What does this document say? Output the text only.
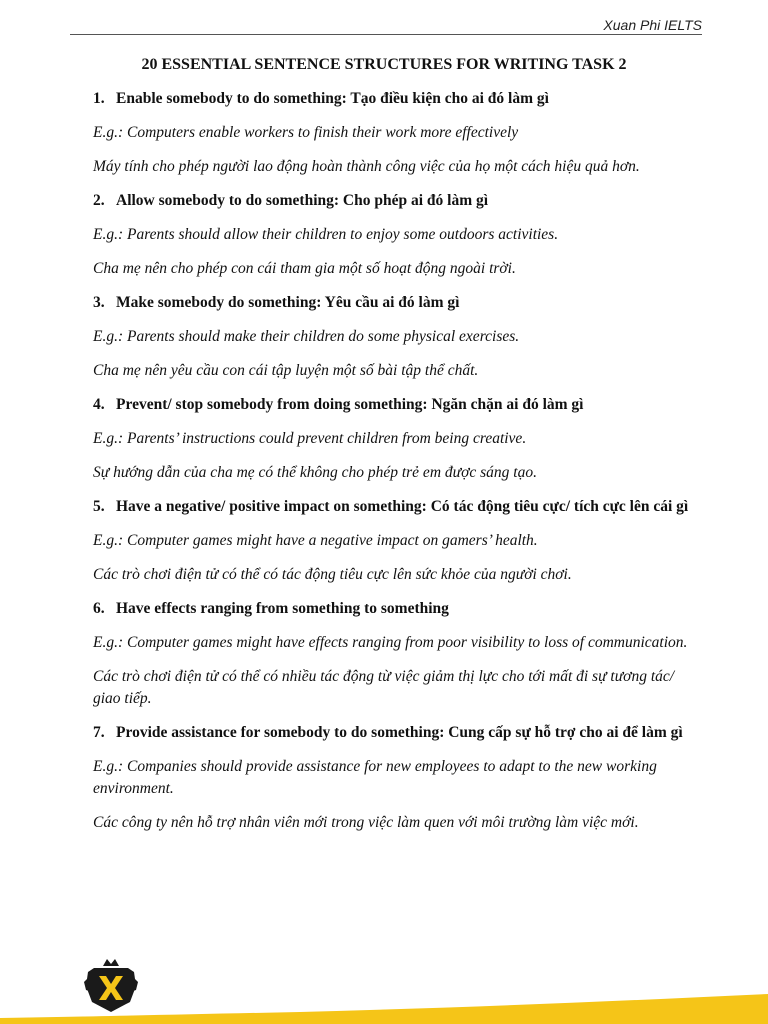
Xuan Phi IELTS
20 ESSENTIAL SENTENCE STRUCTURES FOR WRITING TASK 2

1. Enable somebody to do something: Tạo điều kiện cho ai đó làm gì

E.g.: Computers enable workers to finish their work more effectively

Máy tính cho phép người lao động hoàn thành công việc của họ một cách hiệu quả hơn.

2. Allow somebody to do something: Cho phép ai đó làm gì

E.g.: Parents should allow their children to enjoy some outdoors activities.

Cha mẹ nên cho phép con cái tham gia một số hoạt động ngoài trời.

3. Make somebody do something: Yêu cầu ai đó làm gì

E.g.: Parents should make their children do some physical exercises.

Cha mẹ nên yêu cầu con cái tập luyện một số bài tập thể chất.

4. Prevent/ stop somebody from doing something: Ngăn chặn ai đó làm gì

E.g.: Parents’ instructions could prevent children from being creative.

Sự hướng dẫn của cha mẹ có thể không cho phép trẻ em được sáng tạo.

5. Have a negative/ positive impact on something: Có tác động tiêu cực/ tích cực lên cái gì

E.g.: Computer games might have a negative impact on gamers’ health.

Các trò chơi điện tử có thể có tác động tiêu cực lên sức khỏe của người chơi.

6. Have effects ranging from something to something

E.g.: Computer games might have effects ranging from poor visibility to loss of communication.

Các trò chơi điện tử có thể có nhiều tác động từ việc giảm thị lực cho tới mất đi sự tương tác/ giao tiếp.

7. Provide assistance for somebody to do something: Cung cấp sự hỗ trợ cho ai để làm gì

E.g.: Companies should provide assistance for new employees to adapt to the new working environment.

Các công ty nên hỗ trợ nhân viên mới trong việc làm quen với môi trường làm việc mới.
